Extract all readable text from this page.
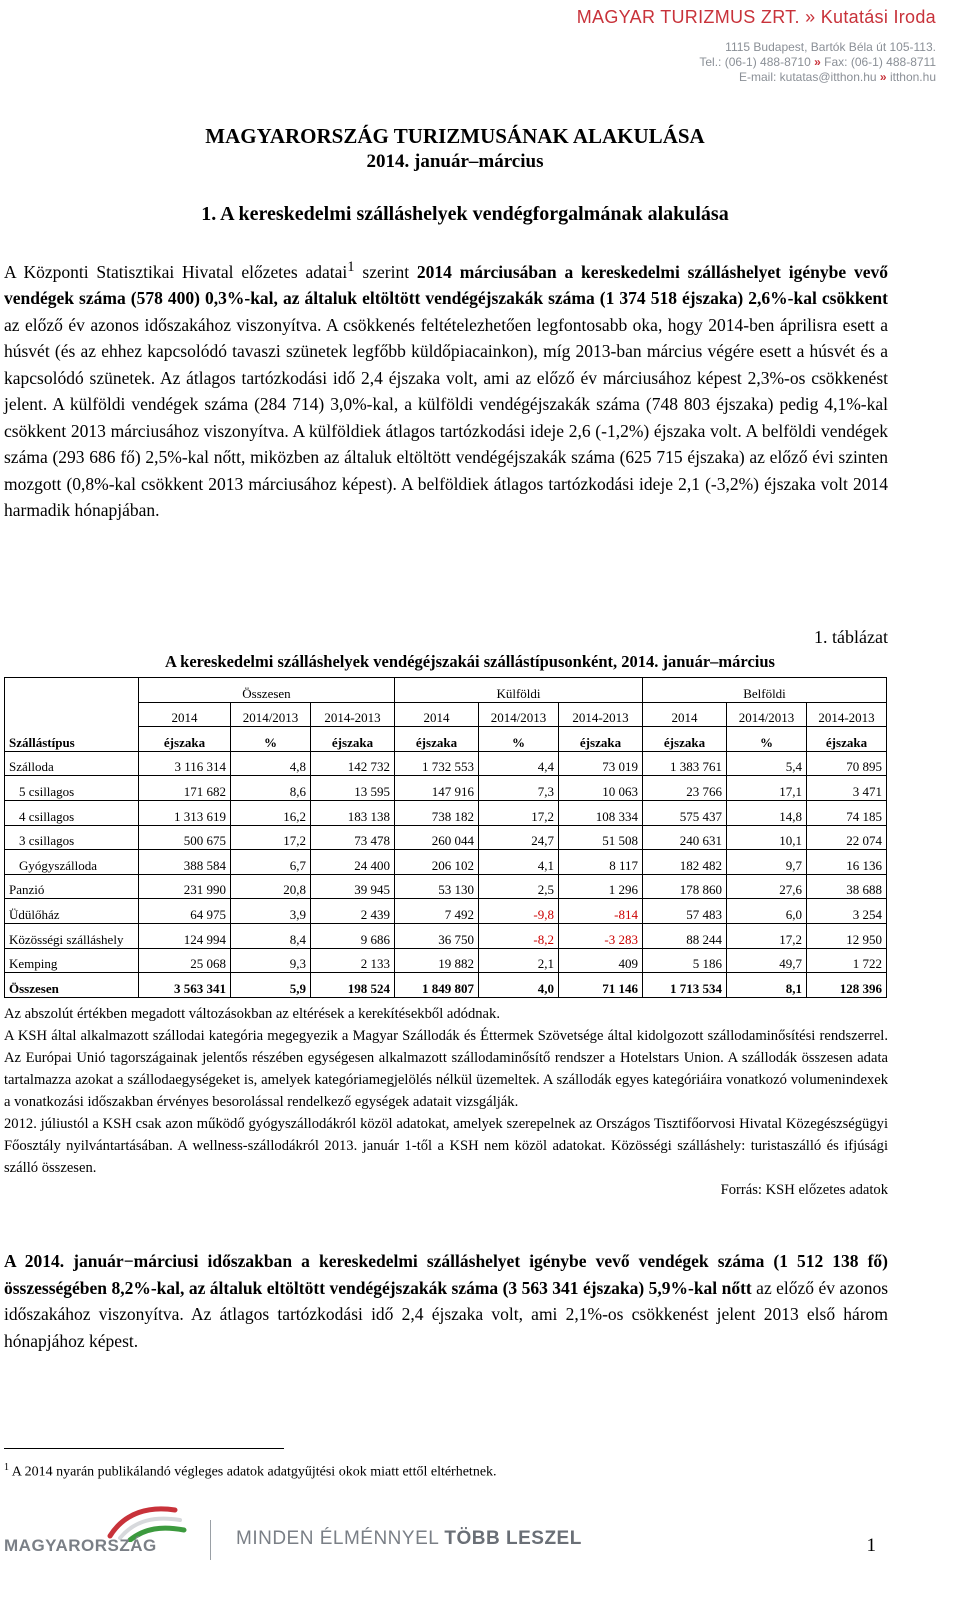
MAGYAR TURIZMUS ZRT. » Kutatási Iroda
1115 Budapest, Bartók Béla út 105-113.
Tel.: (06-1) 488-8710 » Fax: (06-1) 488-8711
E-mail: kutatas@itthon.hu » itthon.hu
MAGYARORSZÁG TURIZMUSÁNAK ALAKULÁSA
2014. január–március
1. A kereskedelmi szálláshelyek vendégforgalmának alakulása
A Központi Statisztikai Hivatal előzetes adatai$^1$ szerint 2014 márciusában a kereskedelmi szálláshelyet igénybe vevő vendégek száma (578 400) 0,3%-kal, az általuk eltöltött vendégéjszakák száma (1 374 518 éjszaka) 2,6%-kal csökkent az előző év azonos időszakához viszonyítva. A csökkenés feltételezhetően legfontosabb oka, hogy 2014-ben áprilisra esett a húsvét (és az ehhez kapcsolódó tavaszi szünetek legfőbb küldőpiacainkon), míg 2013-ban március végére esett a húsvét és a kapcsolódó szünetek. Az átlagos tartózkodási idő 2,4 éjszaka volt, ami az előző év márciusához képest 2,3%-os csökkenést jelent. A külföldi vendégek száma (284 714) 3,0%-kal, a külföldi vendégéjszakák száma (748 803 éjszaka) pedig 4,1%-kal csökkent 2013 márciusához viszonyítva. A külföldiek átlagos tartózkodási ideje 2,6 (-1,2%) éjszaka volt. A belföldi vendégek száma (293 686 fő) 2,5%-kal nőtt, miközben az általuk eltöltött vendégéjszakák száma (625 715 éjszaka) az előző évi szinten mozgott (0,8%-kal csökkent 2013 márciusához képest). A belföldiek átlagos tartózkodási ideje 2,1 (-3,2%) éjszaka volt 2014 harmadik hónapjában.
1. táblázat
A kereskedelmi szálláshelyek vendégéjszakái szállástípusonként, 2014. január–március
	Összesen			Külföldi			Belföldi		
	2014	2014/2013	2014-2013	2014	2014/2013	2014-2013	2014	2014/2013	2014-2013
Szállástípus	éjszaka	%	éjszaka	éjszaka	%	éjszaka	éjszaka	%	éjszaka
Szálloda	3 116 314	4,8	142 732	1 732 553	4,4	73 019	1 383 761	5,4	70 895
5 csillagos	171 682	8,6	13 595	147 916	7,3	10 063	23 766	17,1	3 471
4 csillagos	1 313 619	16,2	183 138	738 182	17,2	108 334	575 437	14,8	74 185
3 csillagos	500 675	17,2	73 478	260 044	24,7	51 508	240 631	10,1	22 074
Gyógyszálloda	388 584	6,7	24 400	206 102	4,1	8 117	182 482	9,7	16 136
Panzió	231 990	20,8	39 945	53 130	2,5	1 296	178 860	27,6	38 688
Üdülőház	64 975	3,9	2 439	7 492	-9,8	-814	57 483	6,0	3 254
Közösségi szálláshely	124 994	8,4	9 686	36 750	-8,2	-3 283	88 244	17,2	12 950
Kemping	25 068	9,3	2 133	19 882	2,1	409	5 186	49,7	1 722
Összesen	3 563 341	5,9	198 524	1 849 807	4,0	71 146	1 713 534	8,1	128 396

Az abszolút értékben megadott változásokban az eltérések a kerekítésekből adódnak.

A KSH által alkalmazott szállodai kategória megegyezik a Magyar Szállodák és Éttermek Szövetsége által kidolgozott szállodaminősítési rendszerrel. Az Európai Unió tagországainak jelentős részében egységesen alkalmazott szállodaminősítő rendszer a Hotelstars Union. A szállodák összesen adata tartalmazza azokat a szállodaegységeket is, amelyek kategóriamegjelölés nélkül üzemeltek. A szállodák egyes kategóriáira vonatkozó volumenindexek a vonatkozási időszakban érvényes besorolással rendelkező egységek adatait vizsgálják.

2012. júliustól a KSH csak azon működő gyógyszállodákról közöl adatokat, amelyek szerepelnek az Országos Tisztifőorvosi Hivatal Közegészségügyi Főosztály nyilvántartásában. A wellness-szállodákról 2013. január 1-től a KSH nem közöl adatokat. Közösségi szálláshely: turistaszálló és ifjúsági szálló összesen.

Forrás: KSH előzetes adatok

A 2014. január−márciusi időszakban a kereskedelmi szálláshelyet igénybe vevő vendégek száma (1 512 138 fő) összességében 8,2%-kal, az általuk eltöltött vendégéjszakák száma (3 563 341 éjszaka) 5,9%-kal nőtt az előző év azonos időszakához viszonyítva. Az átlagos tartózkodási idő 2,4 éjszaka volt, ami 2,1%-os csökkenést jelent 2013 első három hónapjához képest.
$^1$ A 2014 nyarán publikálandó végleges adatok adatgyűjtési okok miatt ettől eltérhetnek.
MAGYARORSZÁG	MINDEN ÉLMÉNNYEL TÖBB LESZEL	1
